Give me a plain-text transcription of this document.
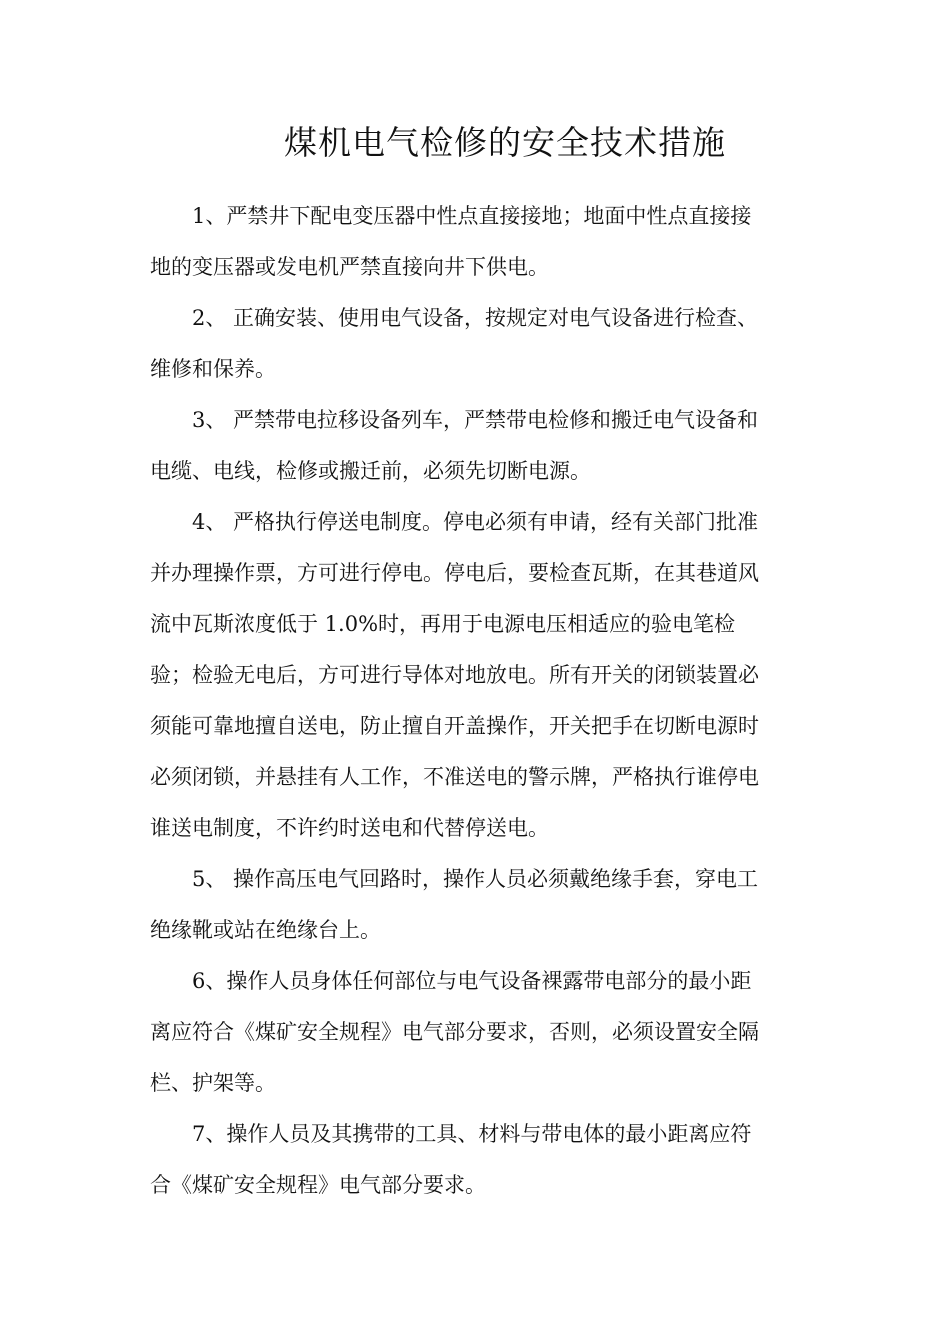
煤机电气检修的安全技术措施

1、严禁井下配电变压器中性点直接接地；地面中性点直接接

地的变压器或发电机严禁直接向井下供电。

2、 正确安装、使用电气设备，按规定对电气设备进行检查、

维修和保养。

3、 严禁带电拉移设备列车，严禁带电检修和搬迁电气设备和

电缆、电线，检修或搬迁前，必须先切断电源。

4、 严格执行停送电制度。停电必须有申请，经有关部门批准

并办理操作票，方可进行停电。停电后，要检查瓦斯，在其巷道风

流中瓦斯浓度低于 1.0%时，再用于电源电压相适应的验电笔检

验；检验无电后，方可进行导体对地放电。所有开关的闭锁装置必

须能可靠地擅自送电，防止擅自开盖操作，开关把手在切断电源时

必须闭锁，并悬挂有人工作，不准送电的警示牌，严格执行谁停电

谁送电制度，不许约时送电和代替停送电。

5、 操作高压电气回路时，操作人员必须戴绝缘手套，穿电工

绝缘靴或站在绝缘台上。

6、操作人员身体任何部位与电气设备裸露带电部分的最小距

离应符合《煤矿安全规程》电气部分要求，否则，必须设置安全隔

栏、护架等。

7、操作人员及其携带的工具、材料与带电体的最小距离应符

合《煤矿安全规程》电气部分要求。
